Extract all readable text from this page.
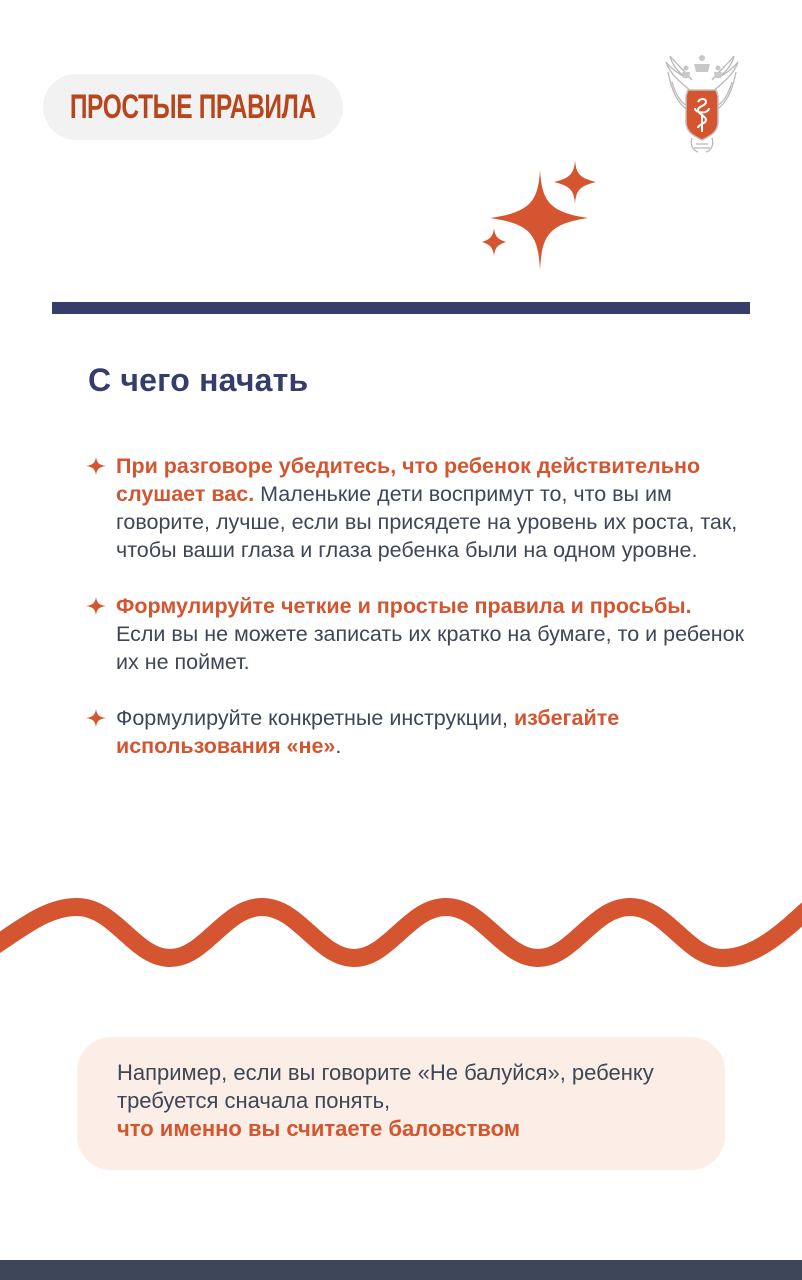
ПРОСТЫЕ ПРАВИЛА
С чего начать
При разговоре убедитесь, что ребенок действительно слушает вас. Маленькие дети воспримут то, что вы им говорите, лучше, если вы присядете на уровень их роста, так, чтобы ваши глаза и глаза ребенка были на одном уровне.
Формулируйте четкие и простые правила и просьбы. Если вы не можете записать их кратко на бумаге, то и ребенок их не поймет.
Формулируйте конкретные инструкции, избегайте использования «не».
Например, если вы говорите «Не балуйся», ребенку требуется сначала понять,
что именно вы считаете баловством
